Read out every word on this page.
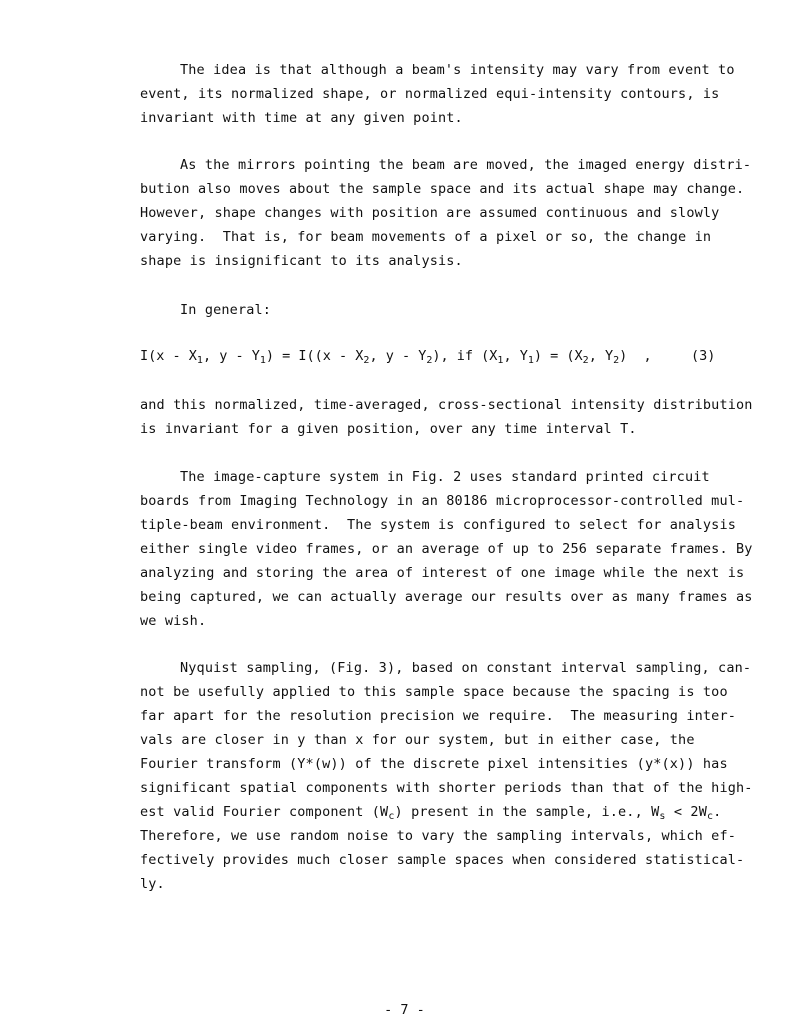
The idea is that although a beam's intensity may vary from event to
event, its normalized shape, or normalized equi-intensity contours, is
invariant with time at any given point.
As the mirrors pointing the beam are moved, the imaged energy distri-
bution also moves about the sample space and its actual shape may change.
However, shape changes with position are assumed continuous and slowly
varying.  That is, for beam movements of a pixel or so, the change in
shape is insignificant to its analysis.
In general:
$I(x - X_1$, $y - Y_1) = I((x - X_2$, y - $Y_2$), if ($X_1$, $Y_1) = (X_2$, $Y_2$)  ,	(3)
and this normalized, time-averaged, cross-sectional intensity distribution
is invariant for a given position, over any time interval T.
The image-capture system in Fig. 2 uses standard printed circuit
boards from Imaging Technology in an 80186 microprocessor-controlled mul-
tiple-beam environment.  The system is configured to select for analysis
either single video frames, or an average of up to 256 separate frames. By
analyzing and storing the area of interest of one image while the next is
being captured, we can actually average our results over as many frames as
we wish.
Nyquist sampling, (Fig. 3), based on constant interval sampling, can-
not be usefully applied to this sample space because the spacing is too
far apart for the resolution precision we require.  The measuring inter-
vals are closer in y than x for our system, but in either case, the
Fourier transform (Y*(w)) of the discrete pixel intensities (y*(x)) has
significant spatial components with shorter periods than that of the high-
est valid Fourier component $(W_c)$ present in the sample, i.e., $W_s < 2W_c$.
Therefore, we use random noise to vary the sampling intervals, which ef-
fectively provides much closer sample spaces when considered statistical-
ly.
- 7 -
